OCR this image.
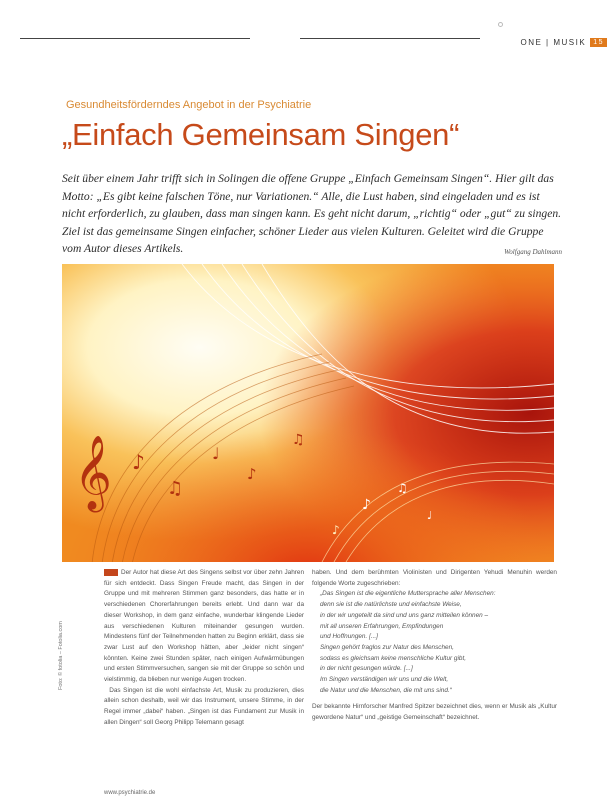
ONE | MUSIK	15
Gesundheitsförderndes Angebot in der Psychiatrie
„Einfach Gemeinsam Singen“
Seit über einem Jahr trifft sich in Solingen die offene Gruppe „Einfach Gemeinsam Singen“. Hier gilt das Motto: „Es gibt keine falschen Töne, nur Variationen.“ Alle, die Lust haben, sind eingeladen und es ist nicht erforderlich, zu glauben, dass man singen kann. Es geht nicht darum, „richtig“ oder „gut“ zu singen. Ziel ist das gemeinsame Singen einfacher, schöner Lieder aus vielen Kulturen. Geleitet wird die Gruppe vom Autor dieses Artikels.	Wolfgang Dahlmann
𝄞 ♪
♫
♩
♪
♫
♪
♫
♩
♪
Der Autor hat diese Art des Singens selbst vor über zehn Jahren für sich entdeckt. Dass Singen Freude macht, das Singen in der Gruppe und mit mehreren Stimmen ganz besonders, das hatte er in verschiedenen Chorerfahrungen bereits erlebt. Und dann war da dieser Workshop, in dem ganz einfache, wunderbar klingende Lieder aus verschiedenen Kulturen miteinander gesungen wurden. Mindestens fünf der Teilnehmenden hatten zu Beginn erklärt, dass sie zwar Lust auf den Workshop hätten, aber „leider nicht singen“ könnten. Keine zwei Stunden später, nach einigen Aufwärmübungen und ersten Stimmversuchen, sangen sie mit der Gruppe so schön und vielstimmig, da blieben nur wenige Augen trocken.
Das Singen ist die wohl einfachste Art, Musik zu produzieren, dies allein schon deshalb, weil wir das Instrument, unsere Stimme, in der Regel immer „dabei“ haben. „Singen ist das Fundament zur Musik in allen Dingen“ soll Georg Philipp Telemann gesagt
haben. Und dem berühmten Violinisten und Dirigenten Yehudi Menuhin werden folgende Worte zugeschrieben:
„Das Singen ist die eigentliche Muttersprache aller Menschen:
denn sie ist die natürlichste und einfachste Weise,
in der wir ungeteilt da sind und uns ganz mitteilen können –
mit all unseren Erfahrungen, Empfindungen
und Hoffnungen. [...]
Singen gehört fraglos zur Natur des Menschen,
sodass es gleichsam keine menschliche Kultur gibt,
in der nicht gesungen würde. [...]
Im Singen verständigen wir uns und die Welt,
die Natur und die Menschen, die mit uns sind.“
Der bekannte Hirnforscher Manfred Spitzer bezeichnet dies, wenn er Musik als „Kultur gewordene Natur“ und „geistige Gemeinschaft“ bezeichnet.
Foto: © fotolia – Fotolia.com
www.psychiatrie.de
